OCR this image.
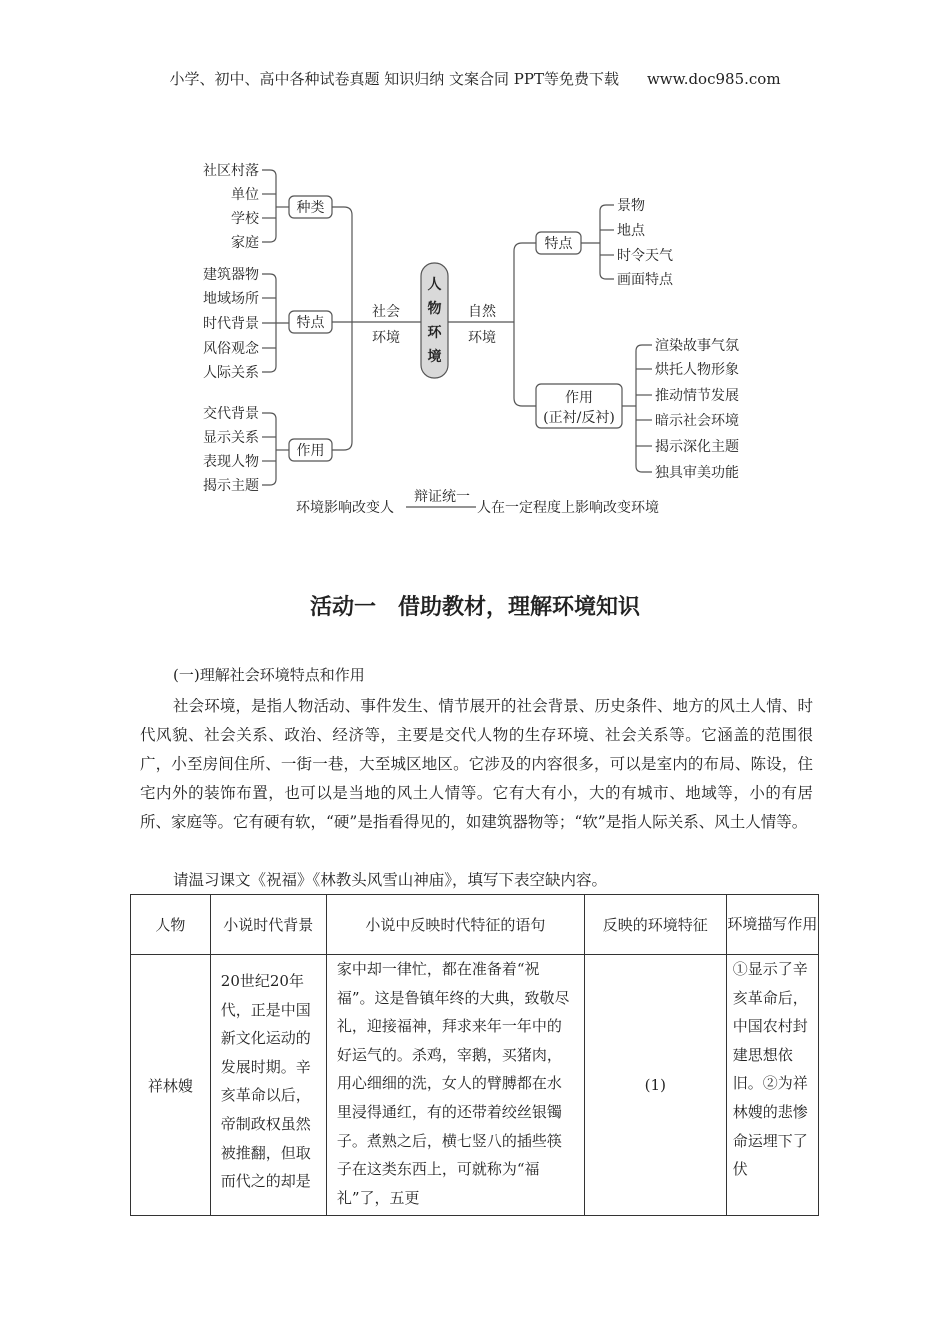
小学、初中、高中各种试卷真题 知识归纳 文案合同 PPT等免费下载 www.doc985.com
人
物
环
境
社会
环境
种类
社区村落
单位
学校
家庭
特点
建筑器物
地域场所
时代背景
风俗观念
人际关系
作用
交代背景
显示关系
表现人物
揭示主题
自然
环境
特点
景物
地点
时令天气
画面特点
作用
(正衬/反衬)
渲染故事气氛
烘托人物形象
推动情节发展
暗示社会环境
揭示深化主题
独具审美功能
环境影响改变人
辩证统一
人在一定程度上影响改变环境
活动一　借助教材，理解环境知识
(一)理解社会环境特点和作用
社会环境，是指人物活动、事件发生、情节展开的社会背景、历史条件、地方的风土人情、时代风貌、社会关系、政治、经济等，主要是交代人物的生存环境、社会关系等。它涵盖的范围很广，小至房间住所、一街一巷，大至城区地区。它涉及的内容很多，可以是室内的布局、陈设，住宅内外的装饰布置，也可以是当地的风土人情等。它有大有小，大的有城市、地域等，小的有居所、家庭等。它有硬有软，“硬”是指看得见的，如建筑器物等；“软”是指人际关系、风土人情等。
请温习课文《祝福》《林教头风雪山神庙》，填写下表空缺内容。
人物	小说时代背景	小说中反映时代特征的语句	反映的环境特征	环境描写作用
祥林嫂	20世纪20年代，正是中国新文化运动的发展时期。辛亥革命以后，帝制政权虽然被推翻，但取而代之的却是	家中却一律忙，都在准备着“祝福”。这是鲁镇年终的大典，致敬尽礼，迎接福神，拜求来年一年中的好运气的。杀鸡，宰鹅，买猪肉，用心细细的洗，女人的臂膊都在水里浸得通红，有的还带着绞丝银镯子。煮熟之后，横七竖八的插些筷子在这类东西上，可就称为“福礼”了，五更	(1)	①显示了辛亥革命后，中国农村封建思想依旧。②为祥林嫂的悲惨命运埋下了伏
